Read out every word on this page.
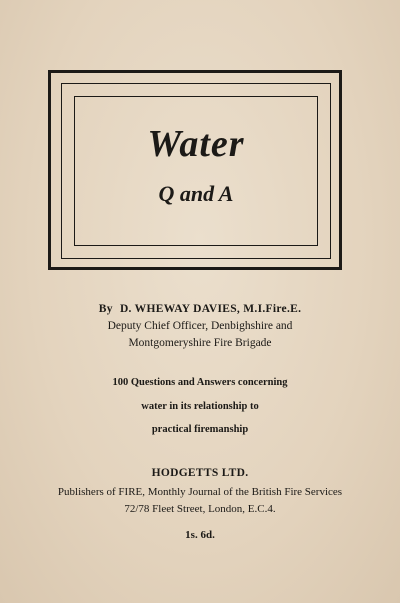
Water
Q and A
By D. WHEWAY DAVIES, M.I.Fire.E.
Deputy Chief Officer, Denbighshire and
Montgomeryshire Fire Brigade
100 Questions and Answers concerning
water in its relationship to
practical firemanship
HODGETTS LTD.
Publishers of FIRE, Monthly Journal of the British Fire Services
72/78 Fleet Street, London, E.C.4.
1s. 6d.
